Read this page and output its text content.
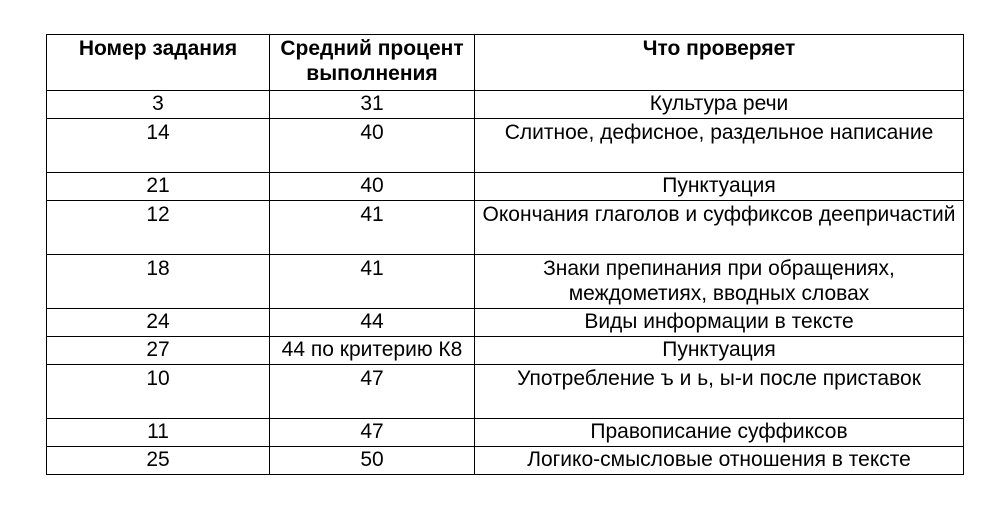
Номер задания	Средний процент выполнения	Что проверяет
3	31	Культура речи
14	40	Слитное, дефисное, раздельное написание
21	40	Пунктуация
12	41	Окончания глаголов и суффиксов деепричастий
18	41	Знаки препинания при обращениях, междометиях, вводных словах
24	44	Виды информации в тексте
27	44 по критерию К8	Пунктуация
10	47	Употребление ъ и ь, ы-и после приставок
11	47	Правописание суффиксов
25	50	Логико-смысловые отношения в тексте
